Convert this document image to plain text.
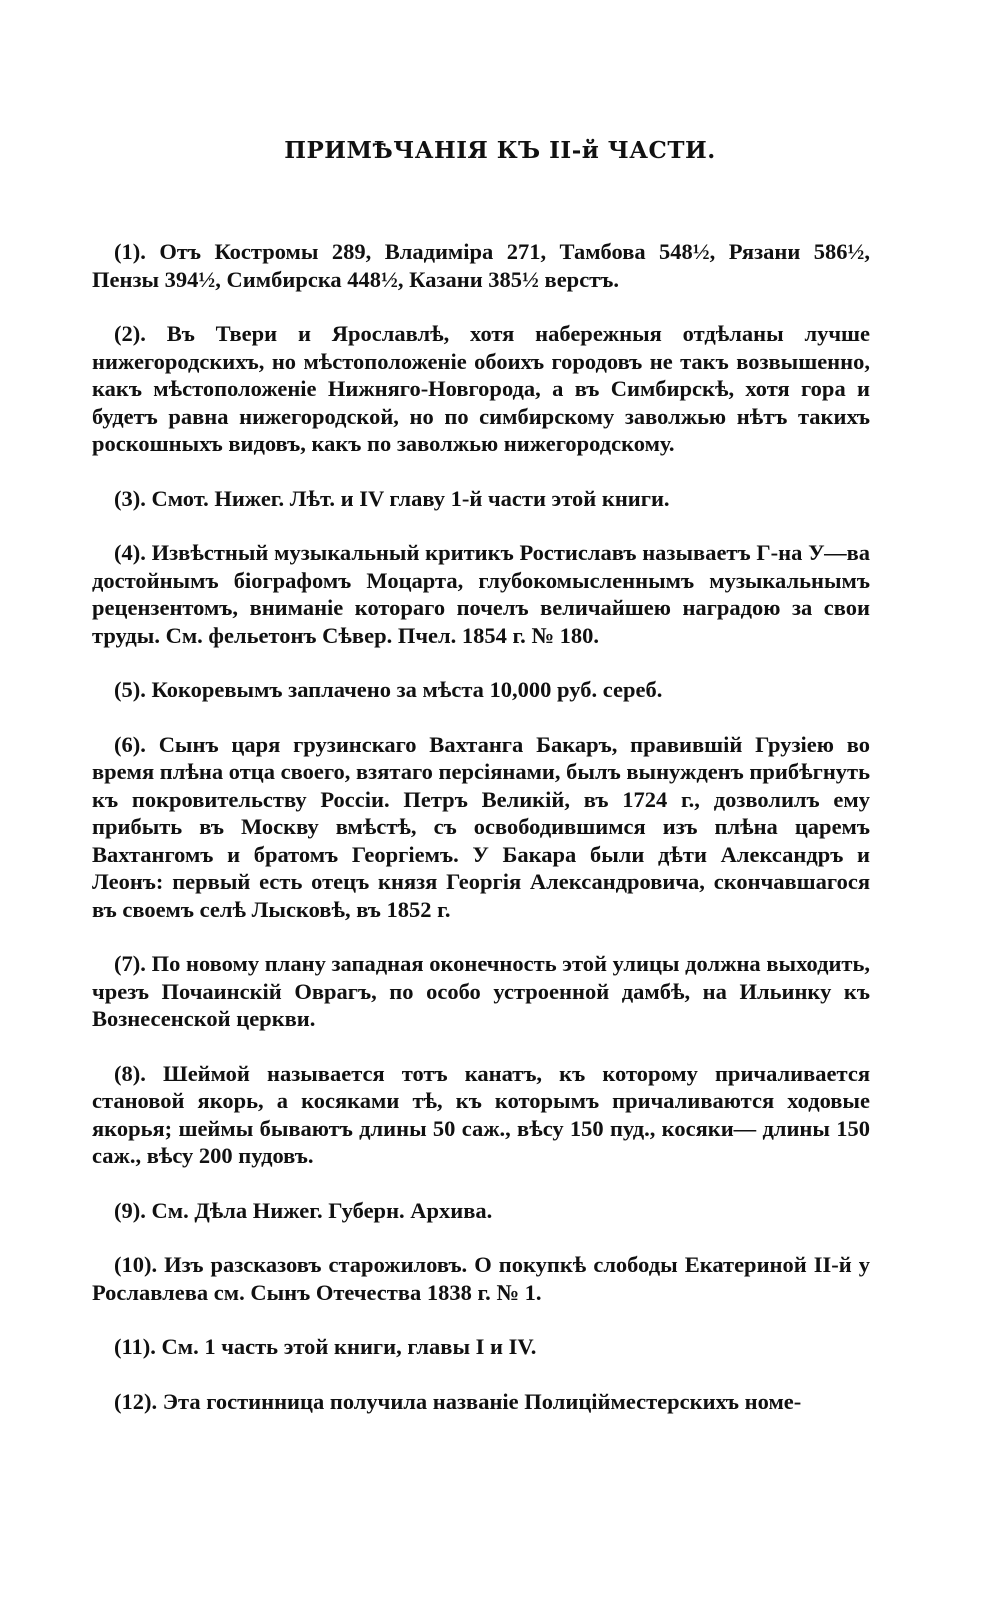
ПРИМѢЧАНІЯ КЪ II-й ЧАСТИ.

(1). Отъ Костромы 289, Владиміра 271, Тамбова 548½, Рязани 586½, Пензы 394½, Симбирска 448½, Казани 385½ верстъ.

(2). Въ Твери и Ярославлѣ, хотя набережныя отдѣланы лучше нижегородскихъ, но мѣстоположеніе обоихъ городовъ не такъ возвышенно, какъ мѣстоположеніе Нижняго-Новгорода, а въ Симбирскѣ, хотя гора и будетъ равна нижегородской, но по симбирскому заволжью нѣтъ такихъ роскошныхъ видовъ, какъ по заволжью нижегородскому.

(3). Смот. Нижег. Лѣт. и IV главу 1-й части этой книги.

(4). Извѣстный музыкальный критикъ Ростиславъ называетъ Г-на У—ва достойнымъ біографомъ Моцарта, глубокомысленнымъ музыкальнымъ рецензентомъ, вниманіе котораго почелъ величайшею наградою за свои труды. См. фельетонъ Сѣвер. Пчел. 1854 г. № 180.

(5). Кокоревымъ заплачено за мѣста 10,000 руб. сереб.

(6). Сынъ царя грузинскаго Вахтанга Бакаръ, правившій Грузіею во время плѣна отца своего, взятаго персіянами, былъ вынужденъ прибѣгнуть къ покровительству Россіи. Петръ Великій, въ 1724 г., дозволилъ ему прибыть въ Москву вмѣстѣ, съ освободившимся изъ плѣна царемъ Вахтангомъ и братомъ Георгіемъ. У Бакара были дѣти Александръ и Леонъ: первый есть отецъ князя Георгія Александровича, скончавшагося въ своемъ селѣ Лысковѣ, въ 1852 г.

(7). По новому плану западная оконечность этой улицы должна выходить, чрезъ Почаинскій Оврагъ, по особо устроенной дамбѣ, на Ильинку къ Вознесенской церкви.

(8). Шеймой называется тотъ канатъ, къ которому причаливается становой якорь, а косяками тѣ, къ которымъ причаливаются ходовые якорья; шеймы бываютъ длины 50 саж., вѣсу 150 пуд., косяки— длины 150 саж., вѣсу 200 пудовъ.

(9). См. Дѣла Нижег. Губерн. Архива.

(10). Изъ разсказовъ старожиловъ. О покупкѣ слободы Екатериной II-й у Рославлева см. Сынъ Отечества 1838 г. № 1.

(11). См. 1 часть этой книги, главы I и IV.

(12). Эта гостинница получила названіе Полиційместерскихъ номе-
